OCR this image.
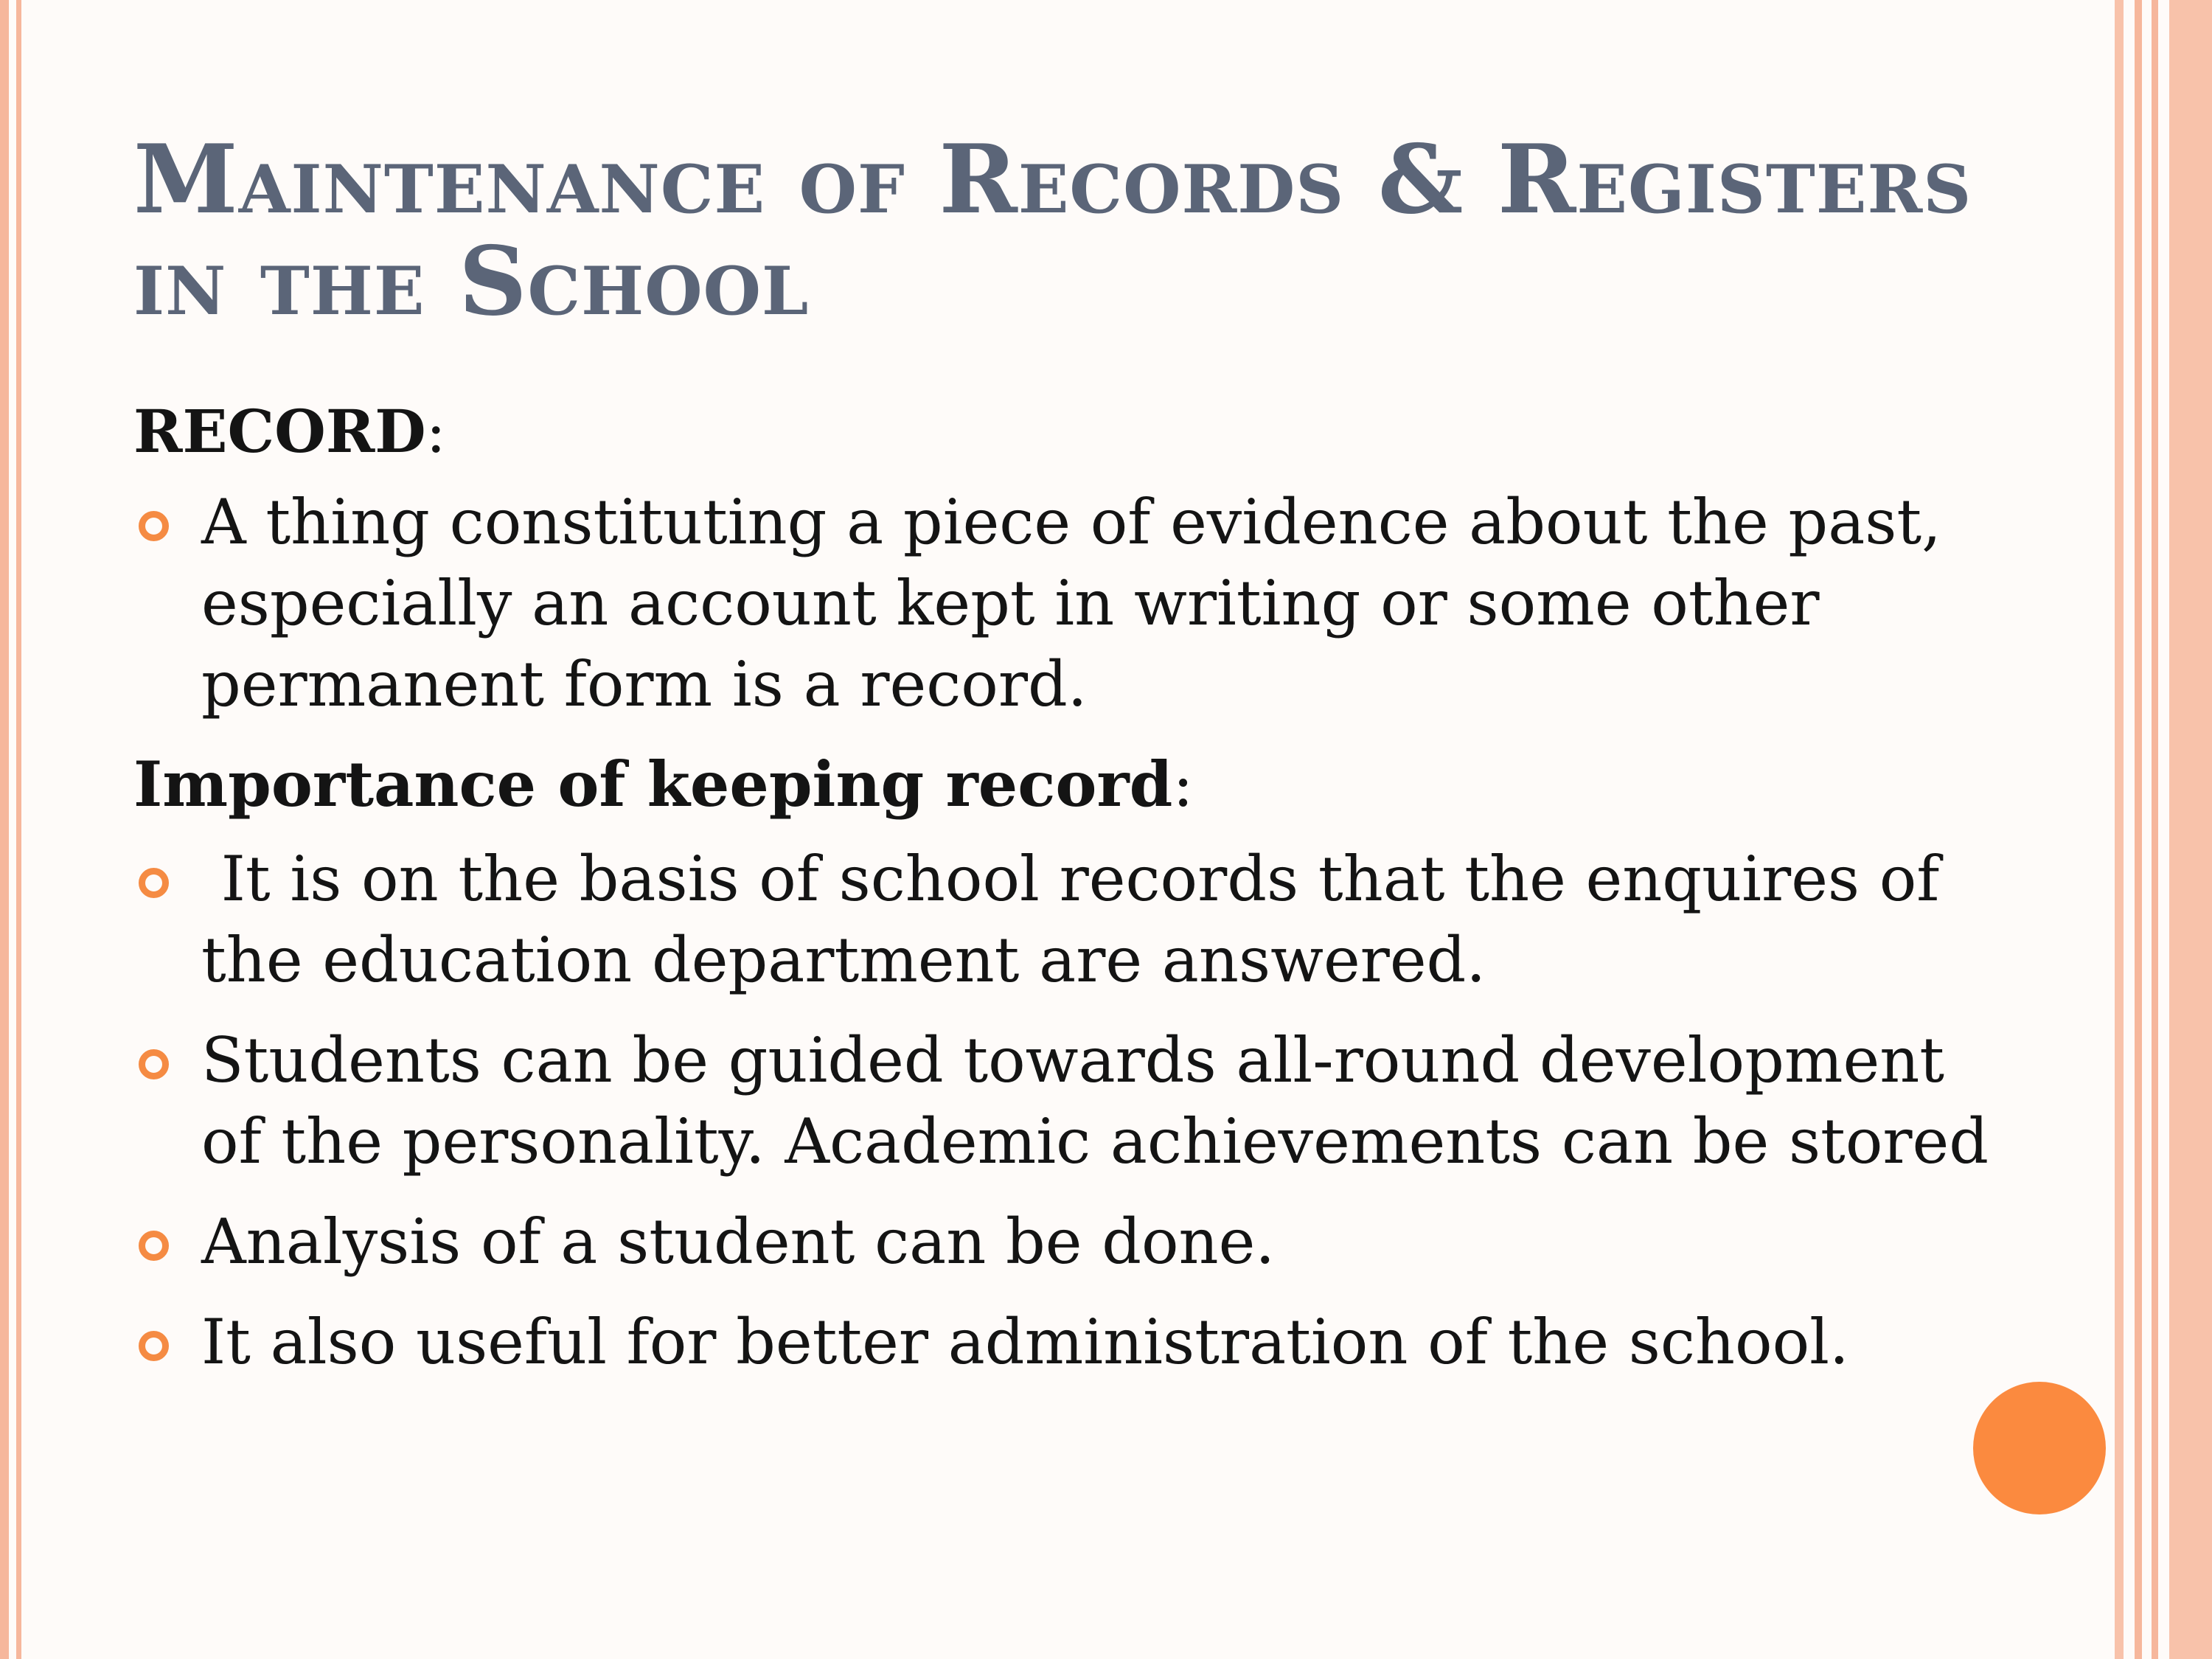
Maintenance of Records & Registers in the School

RECORD:

A thing constituting a piece of evidence about the past, especially an account kept in writing or some other permanent form is a record.

Importance of keeping record:

It is on the basis of school records that the enquires of the education department are answered.
Students can be guided towards all-round development of the personality. Academic achievements can be stored
Analysis of a student can be done.
It also useful for better administration of the school.
